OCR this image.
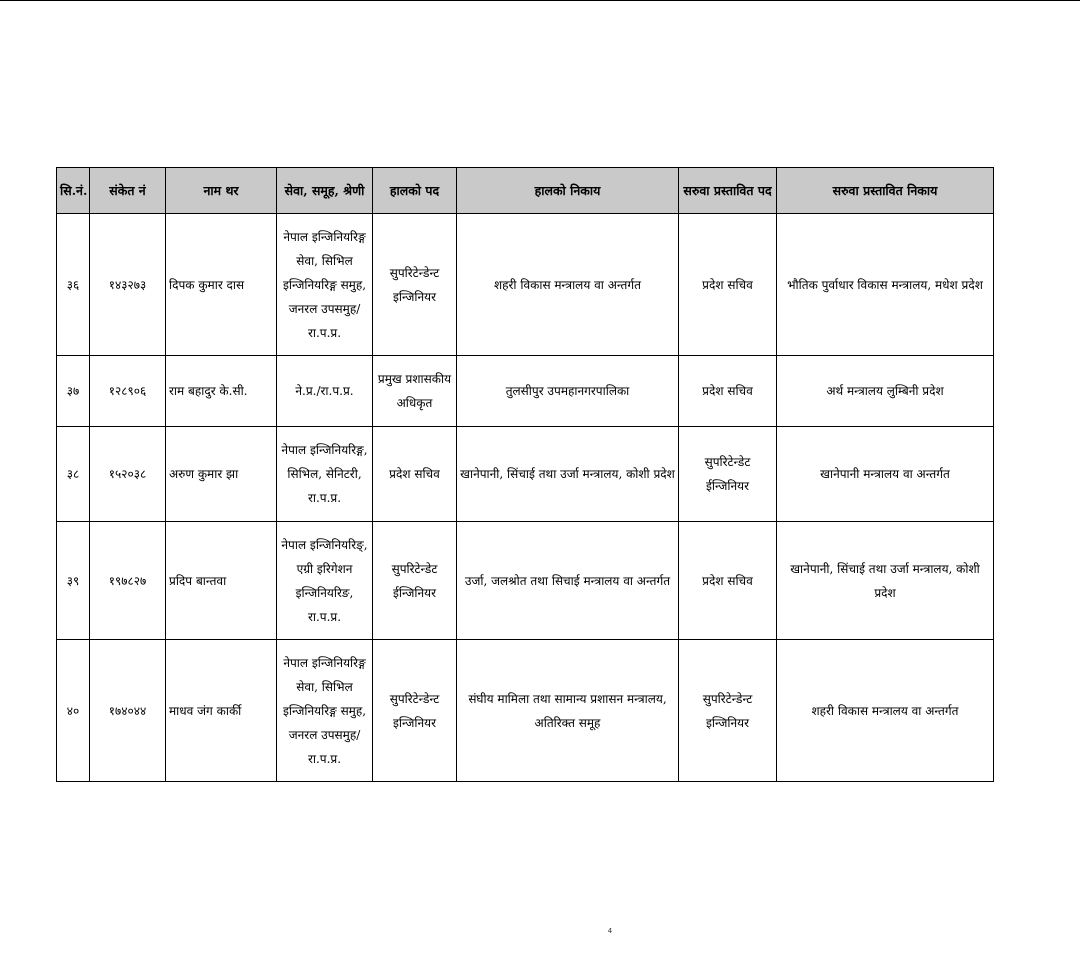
सि.नं.	संकेत नं	नाम थर	सेवा, समूह, श्रेणी	हालको पद	हालको निकाय	सरुवा प्रस्तावित पद	सरुवा प्रस्तावित निकाय
३६	१४३२७३	दिपक कुमार दास	नेपाल इन्जिनियरिङ्ग सेवा, सिभिल इन्जिनियरिङ्ग समुह, जनरल उपसमुह/रा.प.प्र.	सुपरिटेन्डेन्ट इन्जिनियर	शहरी विकास मन्त्रालय वा अन्तर्गत	प्रदेश सचिव	भौतिक पुर्वाधार विकास मन्त्रालय, मधेश प्रदेश
३७	१२८९०६	राम बहादुर के.सी.	ने.प्र./रा.प.प्र.	प्रमुख प्रशासकीय अधिकृत	तुलसीपुर उपमहानगरपालिका	प्रदेश सचिव	अर्थ मन्त्रालय लुम्बिनी प्रदेश
३८	१५२०३८	अरुण कुमार झा	नेपाल इन्जिनियरिङ्ग, सिभिल, सेनिटरी, रा.प.प्र.	प्रदेश सचिव	खानेपानी, सिंचाई तथा उर्जा मन्त्रालय, कोशी प्रदेश	सुपरिटेन्डेट ईन्जिनियर	खानेपानी मन्त्रालय वा अन्तर्गत
३९	१९७८२७	प्रदिप बान्तवा	नेपाल इन्जिनियरिङ्, एग्री इरिगेशन इन्जिनियरिङ, रा.प.प्र.	सुपरिटेन्डेट ईन्जिनियर	उर्जा, जलश्रोत तथा सिचाई मन्त्रालय वा अन्तर्गत	प्रदेश सचिव	खानेपानी, सिंचाई तथा उर्जा मन्त्रालय, कोशी प्रदेश
४०	१७४०४४	माधव जंग कार्की	नेपाल इन्जिनियरिङ्ग सेवा, सिभिल इन्जिनियरिङ्ग समुह, जनरल उपसमुह/रा.प.प्र.	सुपरिटेन्डेन्ट इन्जिनियर	संघीय मामिला तथा सामान्य प्रशासन मन्त्रालय, अतिरिक्त समूह	सुपरिटेन्डेन्ट इन्जिनियर	शहरी विकास मन्त्रालय वा अन्तर्गत
4
